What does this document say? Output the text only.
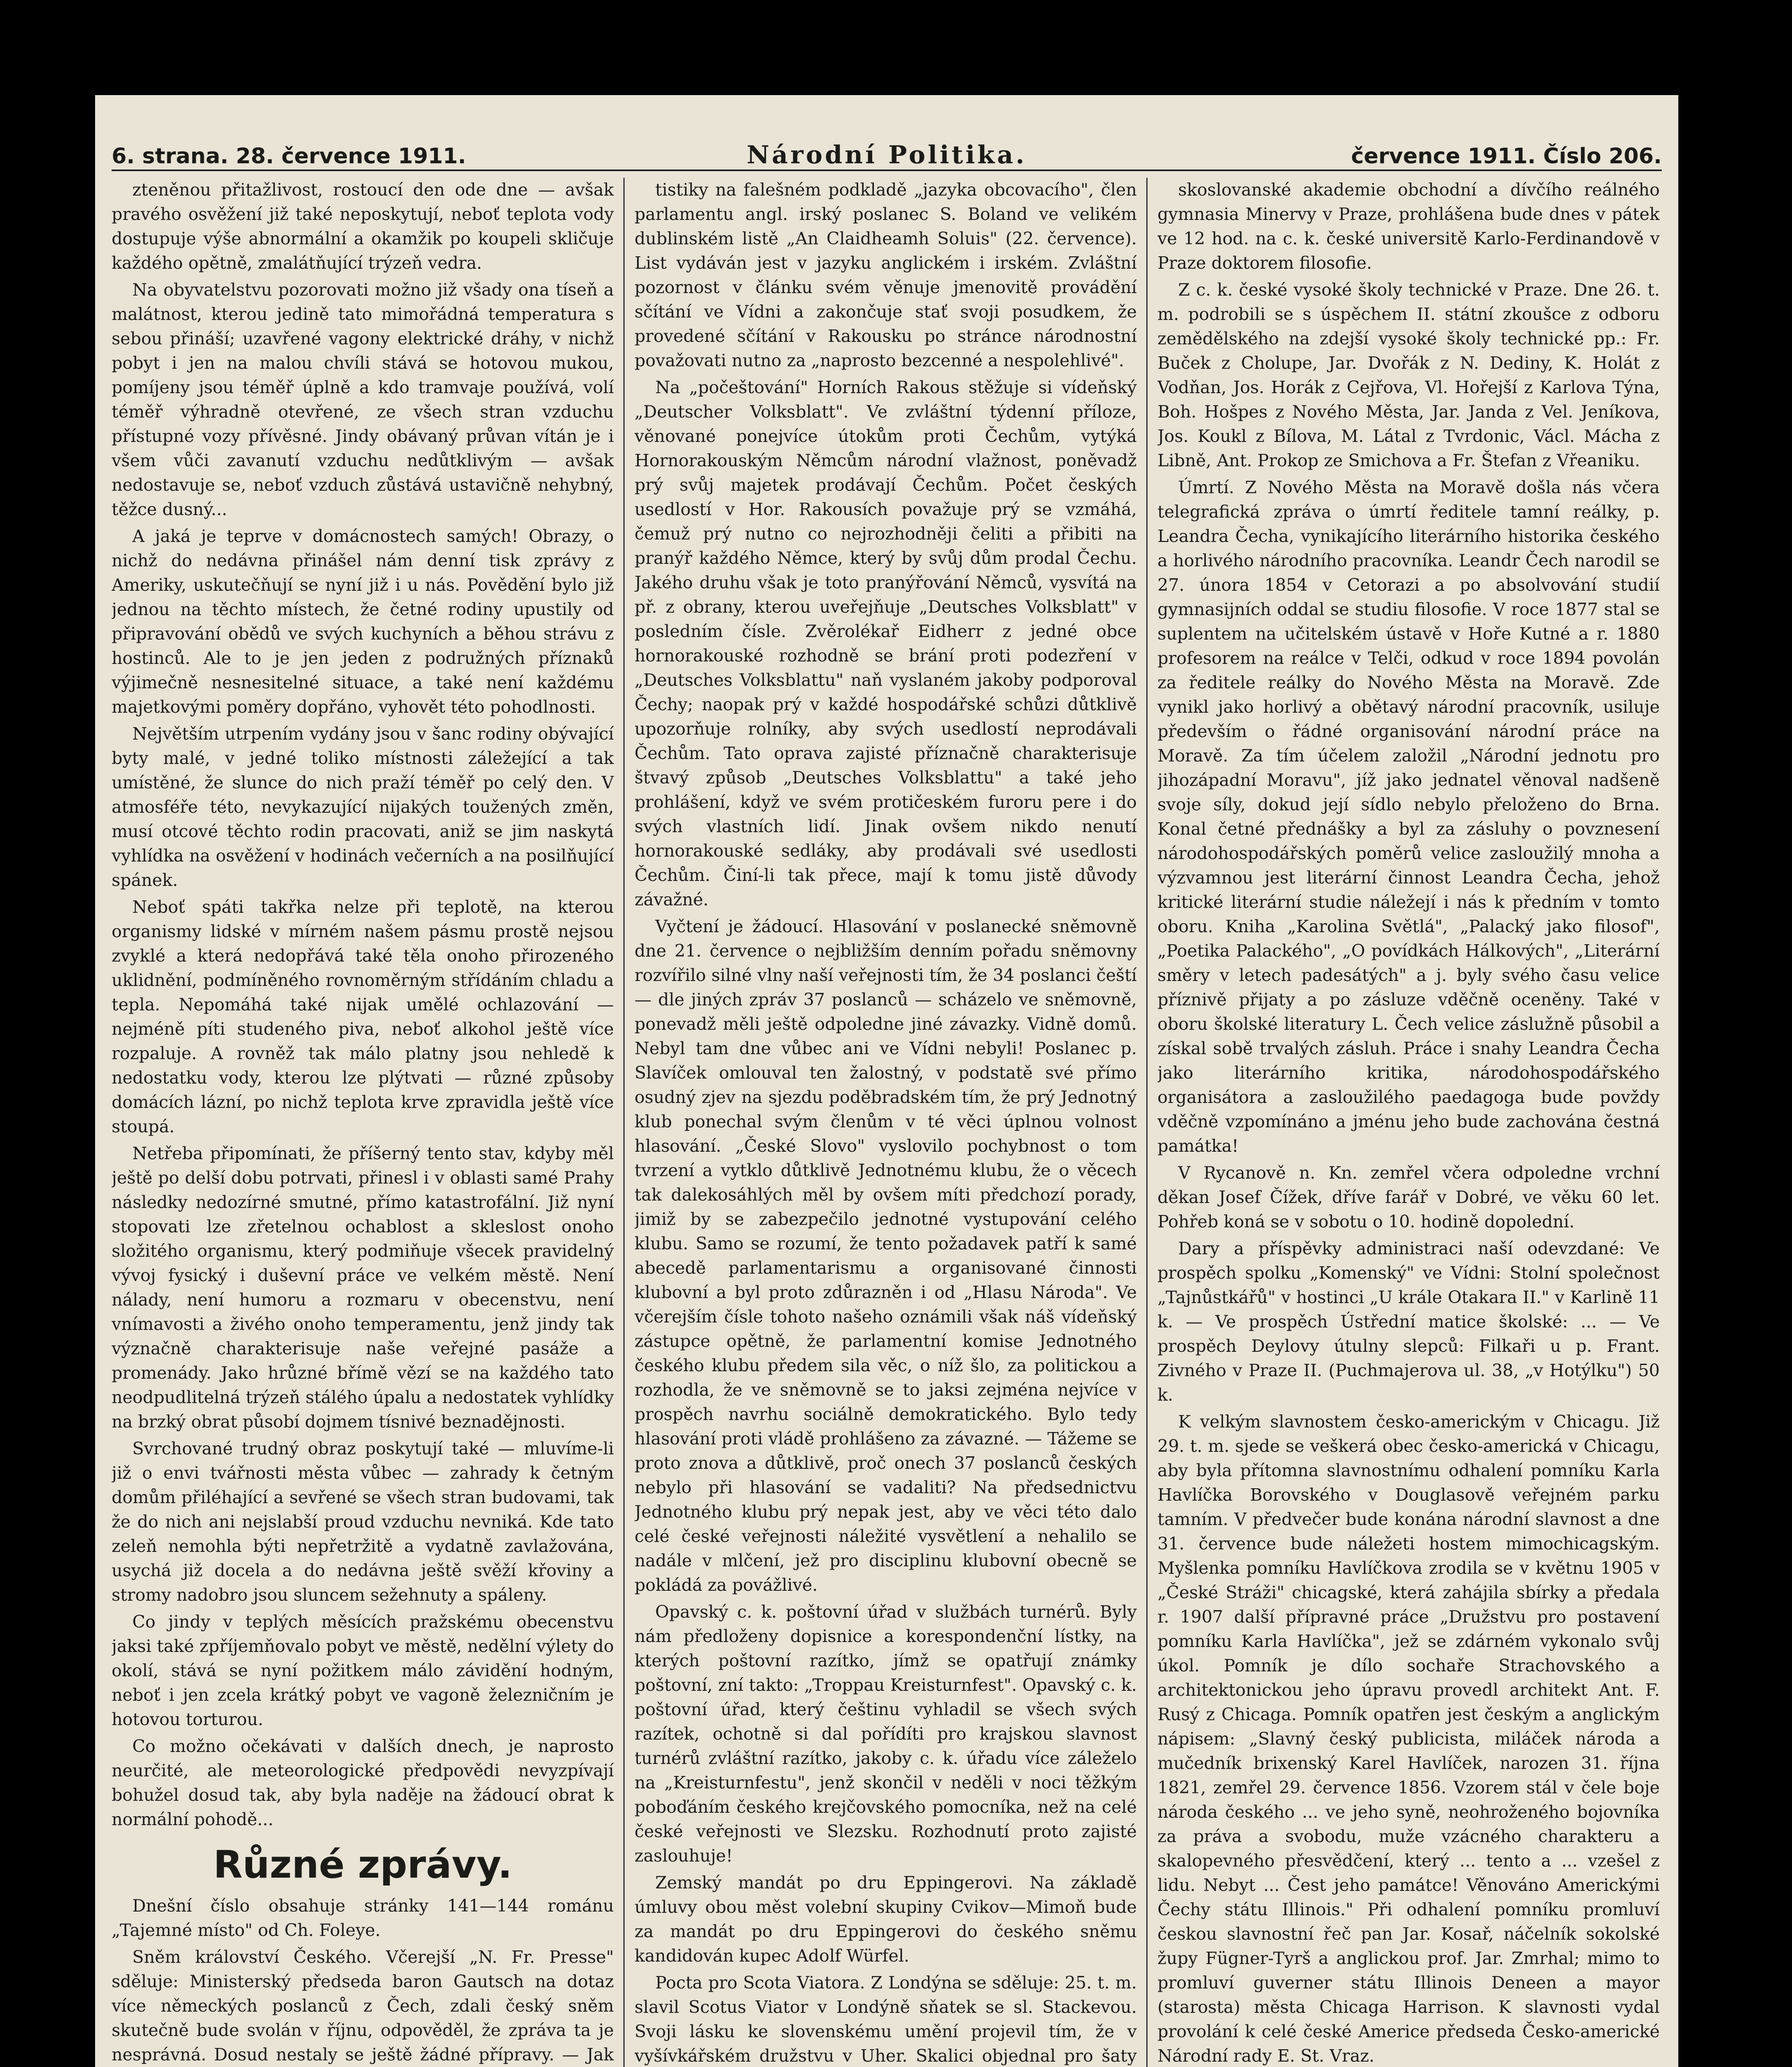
6. strana. 28. července 1911.	Národní Politika.	července 1911. Číslo 206.

zteněnou přitažlivost, rostoucí den ode dne — avšak pravého osvěžení již také neposkytují, neboť teplota vody dostupuje výše abnormální a okamžik po koupeli skličuje každého opětně, zmalátňující trýzeň vedra.

Na obyvatelstvu pozorovati možno již všady ona tíseň a malátnost, kterou jedině tato mimořádná temperatura s sebou přináší; uzavřené vagony elektrické dráhy, v nichž pobyt i jen na malou chvíli stává se hotovou mukou, pomíjeny jsou téměř úplně a kdo tramvaje používá, volí téměř výhradně otevřené, ze všech stran vzduchu přístupné vozy přívěsné. Jindy obávaný průvan vítán je i všem vůči zavanutí vzduchu nedůtklivým — avšak nedostavuje se, neboť vzduch zůstává ustavičně nehybný, těžce dusný...

A jaká je teprve v domácnostech samých! Obrazy, o nichž do nedávna přinášel nám denní tisk zprávy z Ameriky, uskutečňují se nyní již i u nás. Povědění bylo již jednou na těchto místech, že četné rodiny upustily od připravování obědů ve svých kuchyních a běhou strávu z hostinců. Ale to je jen jeden z podružných příznaků výjimečně nesnesitelné situace, a také není každému majetkovými poměry dopřáno, vyhovět této pohodlnosti.

Největším utrpením vydány jsou v šanc rodiny obývající byty malé, v jedné toliko místnosti záležející a tak umístěné, že slunce do nich praží téměř po celý den. V atmosféře této, nevykazující nijakých toužených změn, musí otcové těchto rodin pracovati, aniž se jim naskytá vyhlídka na osvěžení v hodinách večerních a na posilňující spánek.

Neboť spáti takřka nelze při teplotě, na kterou organismy lidské v mírném našem pásmu prostě nejsou zvyklé a která nedopřává také těla onoho přirozeného uklidnění, podmíněného rovnoměrným střídáním chladu a tepla. Nepomáhá také nijak umělé ochlazování — nejméně píti studeného piva, neboť alkohol ještě více rozpaluje. A rovněž tak málo platny jsou nehledě k nedostatku vody, kterou lze plýtvati — různé způsoby domácích lázní, po nichž teplota krve zpravidla ještě více stoupá.

Netřeba připomínati, že příšerný tento stav, kdyby měl ještě po delší dobu potrvati, přinesl i v oblasti samé Prahy následky nedozírné smutné, přímo katastrofální. Již nyní stopovati lze zřetelnou ochablost a skleslost onoho složitého organismu, který podmiňuje všecek pravidelný vývoj fysický i duševní práce ve velkém městě. Není nálady, není humoru a rozmaru v obecenstvu, není vnímavosti a živého onoho temperamentu, jenž jindy tak význačně charakterisuje naše veřejné pasáže a promenády. Jako hrůzné břímě vězí se na každého tato neodpudlitelná trýzeň stálého úpalu a nedostatek vyhlídky na brzký obrat působí dojmem tísnivé beznadějnosti.

Svrchované trudný obraz poskytují také — mluvíme-li již o envi tvářnosti města vůbec — zahrady k četným domům přiléhající a sevřené se všech stran budovami, tak že do nich ani nejslabší proud vzduchu nevniká. Kde tato zeleň nemohla býti nepřetržitě a vydatně zavlažována, usychá již docela a do nedávna ještě svěží křoviny a stromy nadobro jsou sluncem sežehnuty a spáleny.

Co jindy v teplých měsících pražskému obecenstvu jaksi také zpříjemňovalo pobyt ve městě, nedělní výlety do okolí, stává se nyní požitkem málo závidění hodným, neboť i jen zcela krátký pobyt ve vagoně železničním je hotovou torturou.

Co možno očekávati v dalších dnech, je naprosto neurčité, ale meteorologické předpovědi nevyzpívají bohužel dosud tak, aby byla naděje na žádoucí obrat k normální pohodě...

Různé zprávy.

Dnešní číslo obsahuje stránky 141—144 románu „Tajemné místo" od Ch. Foleye.

Sněm království Českého. Včerejší „N. Fr. Presse" sděluje: Ministerský předseda baron Gautsch na dotaz více německých poslanců z Čech, zdali český sněm skutečně bude svolán v říjnu, odpověděl, že zpráva ta je nesprávná. Dosud nestaly se ještě žádné přípravy. — Jak

tistiky na falešném podkladě „jazyka obcovacího", člen parlamentu angl. irský poslanec S. Boland ve velikém dublinském listě „An Claidheamh Soluis" (22. července). List vydáván jest v jazyku anglickém i irském. Zvláštní pozornost v článku svém věnuje jmenovitě provádění sčítání ve Vídni a zakončuje stať svoji posudkem, že provedené sčítání v Rakousku po stránce národnostní považovati nutno za „naprosto bezcenné a nespolehlivé".

Na „počeštování" Horních Rakous stěžuje si vídeňský „Deutscher Volksblatt". Ve zvláštní týdenní příloze, věnované ponejvíce útokům proti Čechům, vytýká Hornorakouským Němcům národní vlažnost, poněvadž prý svůj majetek prodávají Čechům. Počet českých usedlostí v Hor. Rakousích považuje prý se vzmáhá, čemuž prý nutno co nejrozhodněji čeliti a přibiti na pranýř každého Němce, který by svůj dům prodal Čechu. Jakého druhu však je toto pranýřování Němců, vysvítá na př. z obrany, kterou uveřejňuje „Deutsches Volksblatt" v posledním čísle. Zvěrolékař Eidherr z jedné obce hornorakouské rozhodně se brání proti podezření v „Deutsches Volksblattu" naň vyslaném jakoby podporoval Čechy; naopak prý v každé hospodářské schůzi důtklivě upozorňuje rolníky, aby svých usedlostí neprodávali Čechům. Tato oprava zajisté příznačně charakterisuje štvavý způsob „Deutsches Volksblattu" a také jeho prohlášení, když ve svém protičeském furoru pere i do svých vlastních lidí. Jinak ovšem nikdo nenutí hornorakouské sedláky, aby prodávali své usedlosti Čechům. Činí-li tak přece, mají k tomu jistě důvody závažné.

Vyčtení je žádoucí. Hlasování v poslanecké sněmovně dne 21. července o nejbližším denním pořadu sněmovny rozvířilo silné vlny naší veřejnosti tím, že 34 poslanci čeští — dle jiných zpráv 37 poslanců — scházelo ve sněmovně, ponevadž měli ještě odpoledne jiné závazky. Vidně domů. Nebyl tam dne vůbec ani ve Vídni nebyli! Poslanec p. Slavíček omlouval ten žalostný, v podstatě své přímo osudný zjev na sjezdu poděbradském tím, že prý Jednotný klub ponechal svým členům v té věci úplnou volnost hlasování. „České Slovo" vyslovilo pochybnost o tom tvrzení a vytklo důtklivě Jednotnému klubu, že o věcech tak dalekosáhlých měl by ovšem míti předchozí porady, jimiž by se zabezpečilo jednotné vystupování celého klubu. Samo se rozumí, že tento požadavek patří k samé abecedě parlamentarismu a organisované činnosti klubovní a byl proto zdůrazněn i od „Hlasu Národa". Ve včerejším čísle tohoto našeho oznámili však náš vídeňský zástupce opětně, že parlamentní komise Jednotného českého klubu předem sila věc, o níž šlo, za politickou a rozhodla, že ve sněmovně se to jaksi zejména nejvíce v prospěch navrhu sociálně demokratického. Bylo tedy hlasování proti vládě prohlášeno za závazné. — Tážeme se proto znova a důtklivě, proč onech 37 poslanců českých nebylo při hlasování se vadaliti? Na předsednictvu Jednotného klubu prý nepak jest, aby ve věci této dalo celé české veřejnosti náležité vysvětlení a nehalilo se nadále v mlčení, jež pro disciplinu klubovní obecně se pokládá za povážlivé.

Opavský c. k. poštovní úřad v službách turnérů. Byly nám předloženy dopisnice a korespondenční lístky, na kterých poštovní razítko, jímž se opatřují známky poštovní, zní takto: „Troppau Kreisturnfest". Opavský c. k. poštovní úřad, který češtinu vyhladil se všech svých razítek, ochotně si dal pořídíti pro krajskou slavnost turnérů zvláštní razítko, jakoby c. k. úřadu více záleželo na „Kreisturnfestu", jenž skončil v neděli v noci těžkým poboďáním českého krejčovského pomocníka, než na celé české veřejnosti ve Slezsku. Rozhodnutí proto zajisté zaslouhuje!

Zemský mandát po dru Eppingerovi. Na základě úmluvy obou měst volební skupiny Cvikov—Mimoň bude za mandát po dru Eppingerovi do českého sněmu kandidován kupec Adolf Würfel.

Pocta pro Scota Viatora. Z Londýna se sděluje: 25. t. m. slavil Scotus Viator v Londýně sňatek se sl. Stackevou. Svoji lásku ke slovenskému umění projevil tím, že v vyšívkářském družstvu v Uher. Skalici objednal pro šaty

skoslovanské akademie obchodní a dívčího reálného gymnasia Minervy v Praze, prohlášena bude dnes v pátek ve 12 hod. na c. k. české universitě Karlo-Ferdinandově v Praze doktorem filosofie.

Z c. k. české vysoké školy technické v Praze. Dne 26. t. m. podrobili se s úspěchem II. státní zkoušce z odboru zemědělského na zdejší vysoké školy technické pp.: Fr. Buček z Cholupe, Jar. Dvořák z N. Dediny, K. Holát z Vodňan, Jos. Horák z Cejřova, Vl. Hořejší z Karlova Týna, Boh. Hošpes z Nového Města, Jar. Janda z Vel. Jeníkova, Jos. Koukl z Bílova, M. Látal z Tvrdonic, Václ. Mácha z Libně, Ant. Prokop ze Smichova a Fr. Štefan z Vřeaniku.

Úmrtí. Z Nového Města na Moravě došla nás včera telegrafická zpráva o úmrtí ředitele tamní reálky, p. Leandra Čecha, vynikajícího literárního historika českého a horlivého národního pracovníka. Leandr Čech narodil se 27. února 1854 v Cetorazi a po absolvování studií gymnasijních oddal se studiu filosofie. V roce 1877 stal se suplentem na učitelském ústavě v Hoře Kutné a r. 1880 profesorem na reálce v Telči, odkud v roce 1894 povolán za ředitele reálky do Nového Města na Moravě. Zde vynikl jako horlivý a obětavý národní pracovník, usiluje především o řádné organisování národní práce na Moravě. Za tím účelem založil „Národní jednotu pro jihozápadní Moravu", jíž jako jednatel věnoval nadšeně svoje síly, dokud její sídlo nebylo přeloženo do Brna. Konal četné přednášky a byl za zásluhy o povznesení národohospodářských poměrů velice zasloužilý mnoha a výzvamnou jest literární činnost Leandra Čecha, jehož kritické literární studie náležejí i nás k předním v tomto oboru. Kniha „Karolina Světlá", „Palacký jako filosof", „Poetika Palackého", „O povídkách Hálkových", „Literární směry v letech padesátých" a j. byly svého času velice příznivě přijaty a po zásluze vděčně oceněny. Také v oboru školské literatury L. Čech velice záslužně působil a získal sobě trvalých zásluh. Práce i snahy Leandra Čecha jako literárního kritika, národohospodářského organisátora a zasloužilého paedagoga bude povždy vděčně vzpomínáno a jménu jeho bude zachována čestná památka!

V Rycanově n. Kn. zemřel včera odpoledne vrchní děkan Josef Čížek, dříve farář v Dobré, ve věku 60 let. Pohřeb koná se v sobotu o 10. hodině dopolední.

Dary a příspěvky administraci naší odevzdané: Ve prospěch spolku „Komenský" ve Vídni: Stolní společnost „Tajnůstkářů" v hostinci „U krále Otakara II." v Karlině 11 k. — Ve prospěch Ústřední matice školské: ... — Ve prospěch Deylovy útulny slepců: Filkaři u p. Frant. Zivného v Praze II. (Puchmajerova ul. 38, „v Hotýlku") 50 k.

K velkým slavnostem česko-americkým v Chicagu. Již 29. t. m. sjede se veškerá obec česko-americká v Chicagu, aby byla přítomna slavnostnímu odhalení pomníku Karla Havlíčka Borovského v Douglasově veřejném parku tamním. V předvečer bude konána národní slavnost a dne 31. července bude náležeti hostem mimochicagským. Myšlenka pomníku Havlíčkova zrodila se v květnu 1905 v „České Stráži" chicagské, která zahájila sbírky a předala r. 1907 další přípravné práce „Družstvu pro postavení pomníku Karla Havlíčka", jež se zdárném vykonalo svůj úkol. Pomník je dílo sochaře Strachovského a architektonickou jeho úpravu provedl architekt Ant. F. Rusý z Chicaga. Pomník opatřen jest českým a anglickým nápisem: „Slavný český publicista, miláček národa a mučedník brixenský Karel Havlíček, narozen 31. října 1821, zemřel 29. července 1856. Vzorem stál v čele boje národa českého ... ve jeho syně, neohroženého bojovníka za práva a svobodu, muže vzácného charakteru a skalopevného přesvědčení, který ... tento a ... vzešel z lidu. Nebyt ... Čest jeho památce! Věnováno Americkými Čechy státu Illinois." Při odhalení pomníku promluví českou slavnostní řeč pan Jar. Kosař, náčelník sokolské župy Fügner-Tyrš a anglickou prof. Jar. Zmrhal; mimo to promluví guverner státu Illinois Deneen a mayor (starosta) města Chicaga Harrison. K slavnosti vydal provolání k celé české Americe předseda Česko-americké Národní rady E. St. Vraz.
